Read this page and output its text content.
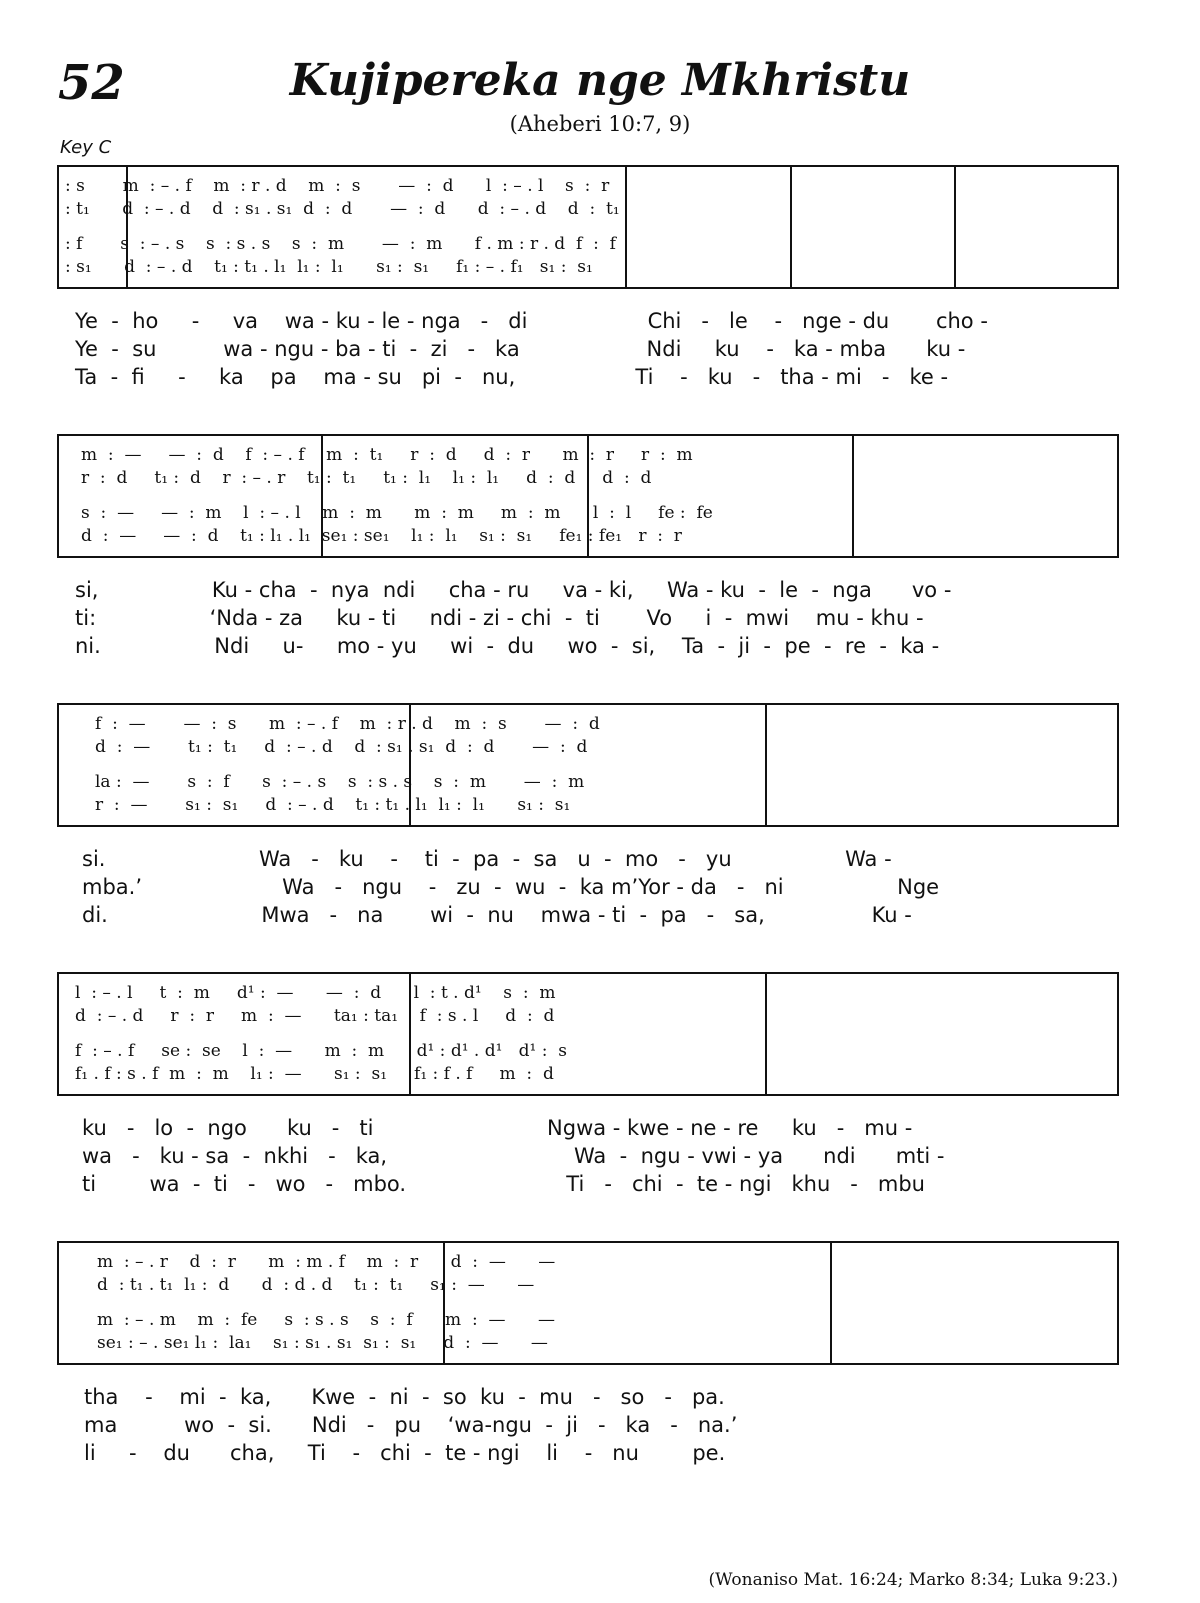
52	Kujipereka nge Mkhristu
(Aheberi 10:7, 9)
Key C
: s       m  : – . f    m  : r . d    m  :  s       —  :  d      l  : – . l    s  :  r
: t₁      d  : – . d    d  : s₁ . s₁  d  :  d       —  :  d      d  : – . d    d  :  t₁
: f       s  : – . s    s  : s . s    s  :  m       —  :  m      f . m : r . d  f  :  f
: s₁      d  : – . d    t₁ : t₁ . l₁  l₁ :  l₁      s₁ :  s₁     f₁ : – . f₁   s₁ :  s₁
Ye  -  ho     -     va    wa - ku - le - nga   -   di                  Chi   -   le    -   nge - du       cho -
Ye  -  su          wa - ngu - ba - ti  -  zi   -   ka                   Ndi     ku    -   ka - mba      ku -
Ta  -  fi     -     ka    pa    ma - su   pi  -   nu,                  Ti    -   ku   -   tha - mi   -   ke -
m  :  —     —  :  d    f  : – . f    m  :  t₁     r  :  d     d  :  r      m  :  r     r  :  m
r  :  d     t₁ :  d    r  : – . r    t₁ :  t₁     t₁ :  l₁    l₁ :  l₁     d  :  d     d  :  d
s  :  —     —  :  m    l  : – . l    m  :  m      m  :  m     m  :  m      l  :  l     fe :  fe
d  :  —     —  :  d    t₁ : l₁ . l₁  se₁ : se₁    l₁ :  l₁    s₁ :  s₁     fe₁ : fe₁   r  :  r
si,                 Ku - cha  -  nya  ndi     cha - ru     va - ki,     Wa - ku  -  le  -  nga      vo -
ti:                 ‘Nda - za     ku - ti     ndi - zi - chi  -  ti       Vo     i  -  mwi    mu - khu -
ni.                 Ndi     u-     mo - yu     wi  -  du     wo  -  si,    Ta  -  ji  -  pe  -  re  -  ka -
f  :  —       —  :  s      m  : – . f    m  : r . d    m  :  s       —  :  d
d  :  —       t₁ :  t₁     d  : – . d    d  : s₁ . s₁  d  :  d       —  :  d
la :  —       s  :  f      s  : – . s    s  : s . s    s  :  m       —  :  m
r  :  —       s₁ :  s₁     d  : – . d    t₁ : t₁ . l₁  l₁ :  l₁      s₁ :  s₁
si.                       Wa   -   ku    -    ti  -  pa  -  sa   u  -  mo   -   yu                 Wa -
mba.’                     Wa   -   ngu    -   zu  -  wu  -  ka m’Yor - da   -   ni                 Nge
di.                       Mwa   -   na       wi  -  nu    mwa - ti  -  pa   -   sa,                Ku -
l  : – . l     t  :  m     d¹ :  —      —  :  d      l  : t . d¹    s  :  m
d  : – . d     r  :  r     m  :  —      ta₁ : ta₁    f  : s . l     d  :  d
f  : – . f     se :  se    l  :  —      m  :  m      d¹ : d¹ . d¹   d¹ :  s
f₁ . f : s . f  m  :  m    l₁ :  —      s₁ :  s₁     f₁ : f . f     m  :  d
ku   -   lo  -  ngo      ku   -   ti                          Ngwa - kwe - ne - re     ku   -   mu -
wa   -   ku - sa  -  nkhi   -   ka,                            Wa  -  ngu - vwi - ya      ndi      mti -
ti        wa  -  ti   -   wo   -   mbo.                        Ti   -   chi  -  te - ngi   khu   -   mbu
m  : – . r    d  :  r      m  : m . f    m  :  r      d  :  —      —
d  : t₁ . t₁  l₁ :  d      d  : d . d    t₁ :  t₁     s₁ :  —      —
m  : – . m    m  :  fe     s  : s . s    s  :  f      m  :  —      —
se₁ : – . se₁ l₁ :  la₁    s₁ : s₁ . s₁  s₁ :  s₁     d  :  —      —
tha    -    mi  -  ka,      Kwe  -  ni  -  so  ku  -  mu   -   so   -   pa.
ma          wo  -  si.      Ndi   -   pu    ‘wa-ngu  -  ji   -   ka   -   na.’
li     -    du      cha,     Ti    -   chi  -  te - ngi    li    -   nu        pe.
(Wonaniso Mat. 16:24; Marko 8:34; Luka 9:23.)
